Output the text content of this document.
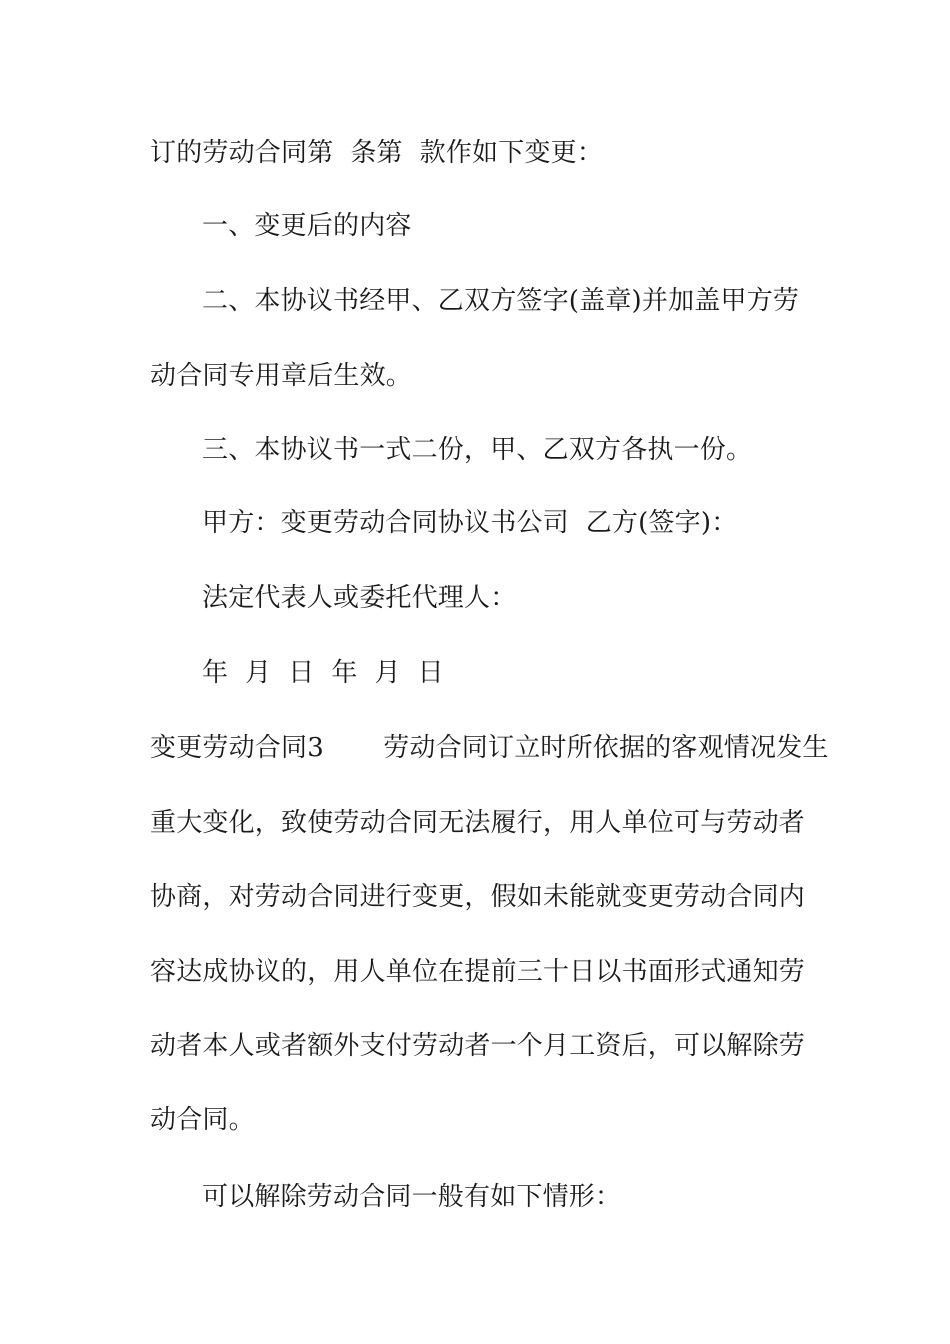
订的劳动合同第  条第  款作如下变更：

一、变更后的内容

二、本协议书经甲、乙双方签字(盖章)并加盖甲方劳

动合同专用章后生效。

三、本协议书一式二份，甲、乙双方各执一份。

甲方：变更劳动合同协议书公司  乙方(签字)：

法定代表人或委托代理人：

年  月  日  年  月  日

变更劳动合同3       劳动合同订立时所依据的客观情况发生

重大变化，致使劳动合同无法履行，用人单位可与劳动者

协商，对劳动合同进行变更，假如未能就变更劳动合同内

容达成协议的，用人单位在提前三十日以书面形式通知劳

动者本人或者额外支付劳动者一个月工资后，可以解除劳

动合同。

可以解除劳动合同一般有如下情形：
